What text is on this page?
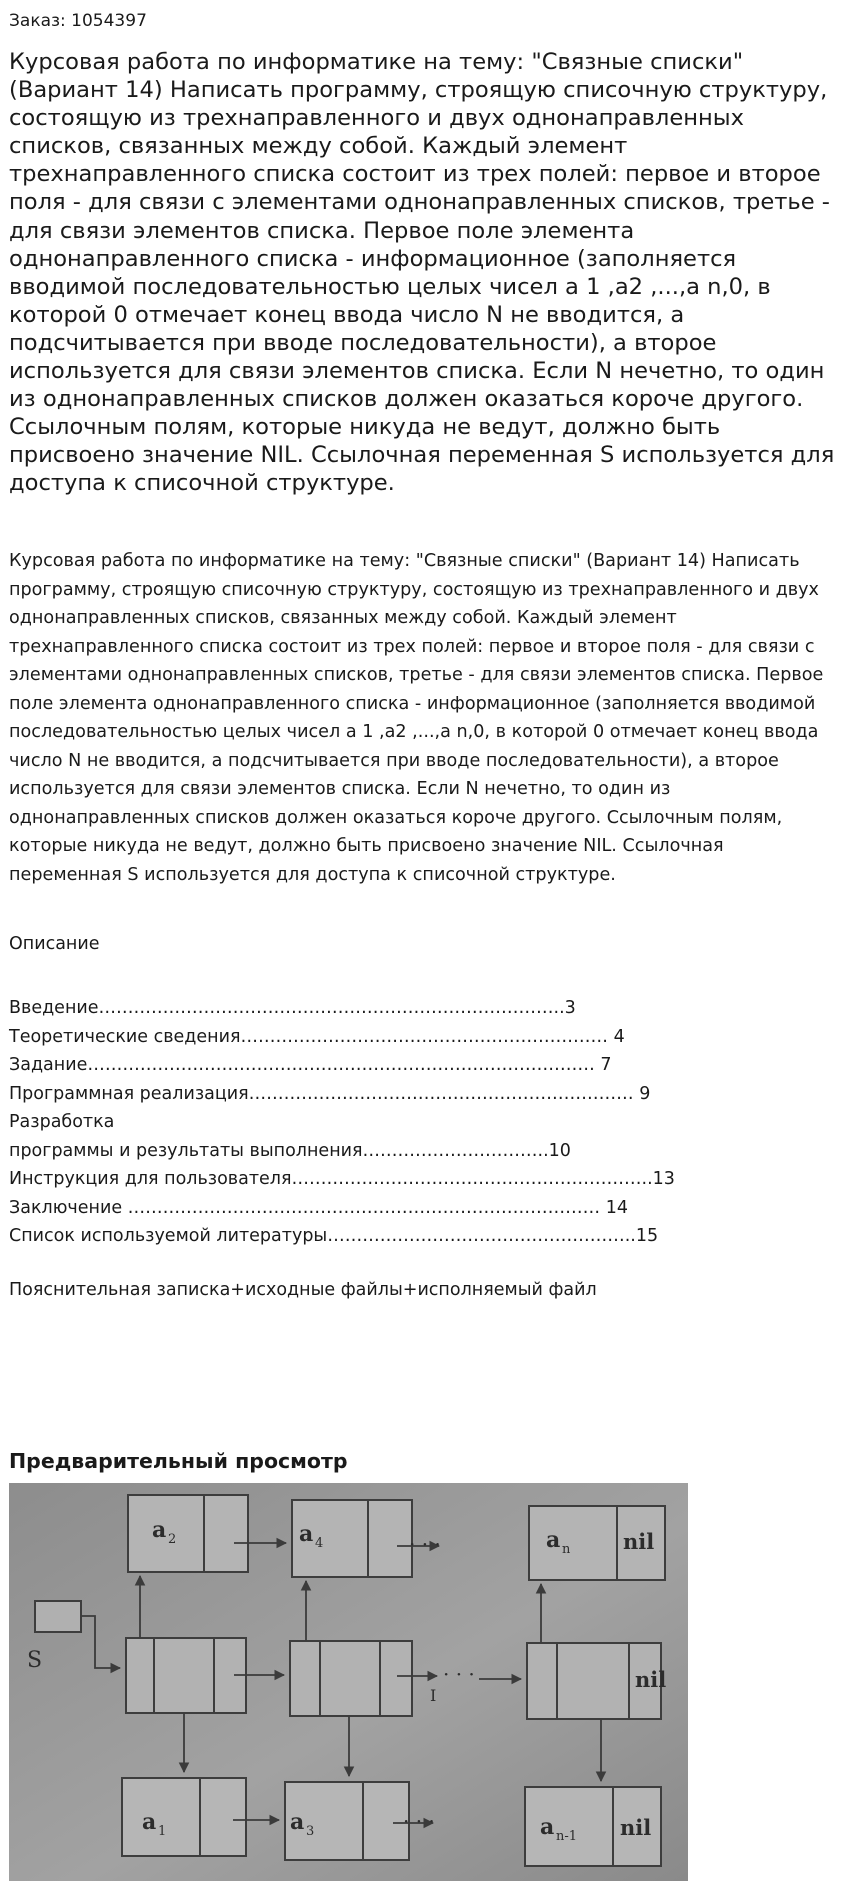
Заказ: 1054397
Курсовая работа по информатике на тему: "Связные списки" (Вариант 14) Написать программу, строящую списочную структуру, состоящую из трехнаправленного и двух однонаправленных списков, связанных между собой. Каждый элемент трехнаправленного списка состоит из трех полей: первое и второе поля - для связи с элементами однонаправленных списков, третье - для связи элементов списка. Первое поле элемента однонаправленного списка - информационное (заполняется вводимой последовательностью целых чисел a 1 ,a2 ,...,a n,0, в которой 0 отмечает конец ввода число N не вводится, а подсчитывается при вводе последовательности), а второе используется для связи элементов списка. Если N нечетно, то один из однонаправленных списков должен оказаться короче другого. Ссылочным полям, которые никуда не ведут, должно быть присвоено значение NIL. Ссылочная переменная S используется для доступа к списочной структуре.

Курсовая работа по информатике на тему: "Связные списки" (Вариант 14) Написать программу, строящую списочную структуру, состоящую из трехнаправленного и двух однонаправленных списков, связанных между собой. Каждый элемент трехнаправленного списка состоит из трех полей: первое и второе поля - для связи с элементами однонаправленных списков, третье - для связи элементов списка. Первое поле элемента однонаправленного списка - информационное (заполняется вводимой последовательностью целых чисел a 1 ,a2 ,...,a n,0, в которой 0 отмечает конец ввода число N не вводится, а подсчитывается при вводе последовательности), а второе используется для связи элементов списка. Если N нечетно, то один из однонаправленных списков должен оказаться короче другого. Ссылочным полям, которые никуда не ведут, должно быть присвоено значение NIL. Ссылочная переменная S используется для доступа к списочной структуре.

Описание
Введение……………………………………………………………………..3
Теоретические сведения……………………………………………………… 4
Задание…………………………………………………………………………… 7
Программная реализация………………………………………………………… 9
Разработка
программы и результаты выполнения…………………………..10
Инструкция для пользователя……………………………………………………..13
Заключение ……………………………………………………………………… 14
Список используемой литературы……………………………………………..15
Пояснительная записка+исходные файлы+исполняемый файл
Предварительный просмотр
S
a 2	a 4	a n	nil
nil
a 1	a 3	a n-1 nil
· · ·
· · ·
· · ·
I
